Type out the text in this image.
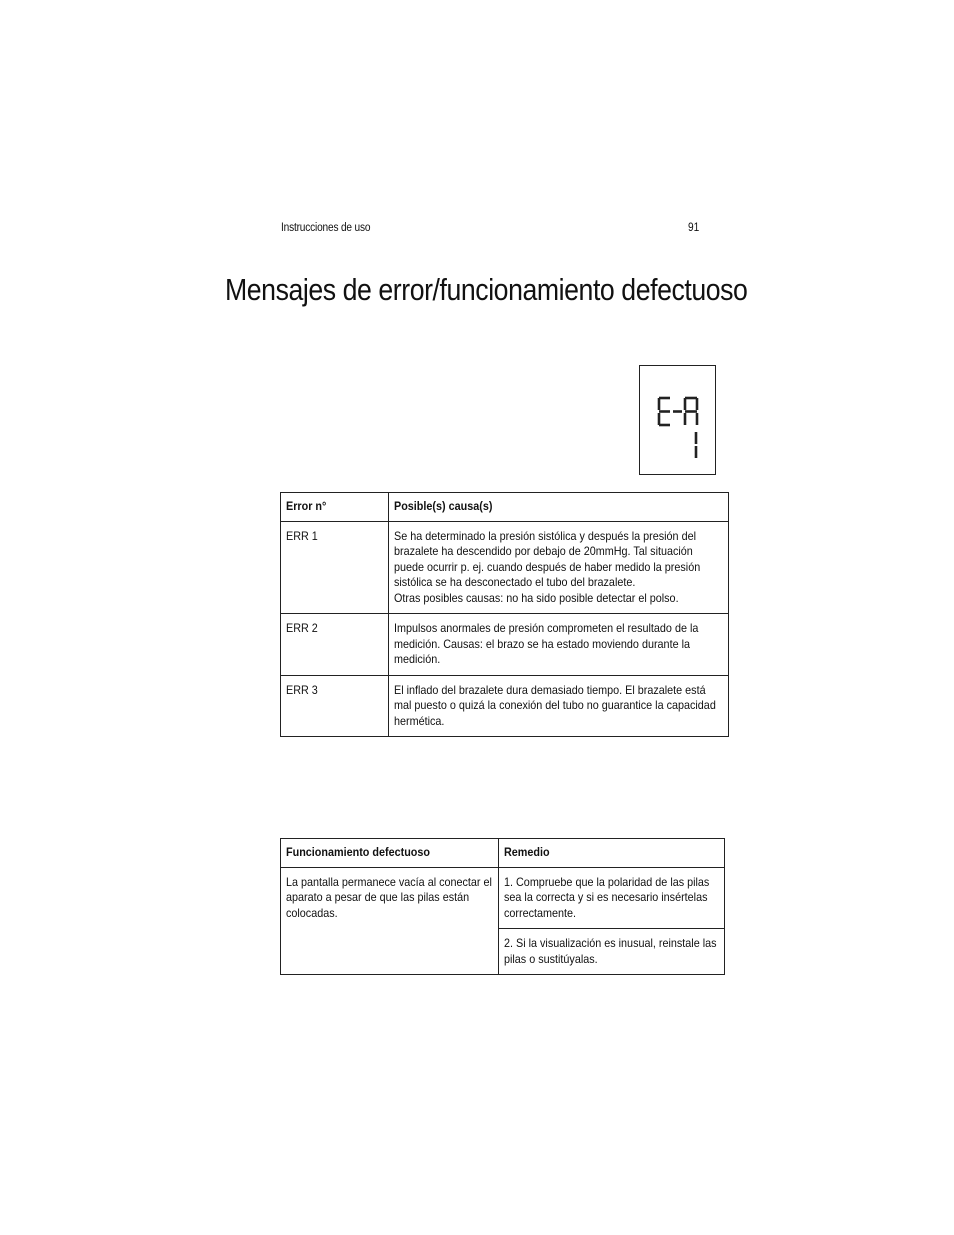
Instrucciones de uso	91
Mensajes de error/funcionamiento defectuoso
Error n°	Posible(s) causa(s)

ERR 1	Se ha determinado la presión sistólica y después la presión del brazalete ha descendido por debajo de 20mmHg. Tal situación puede ocurrir p. ej. cuando después de haber medido la presión sistólica se ha desconectado el tubo del brazalete.
Otras posibles causas: no ha sido posible detectar el polso.

ERR 2	Impulsos anormales de presión comprometen el resultado de la medición. Causas: el brazo se ha estado moviendo durante la medición.

ERR 3	El inflado del brazalete dura demasiado tiempo. El brazalete está mal puesto o quizá la conexión del tubo no guarantice la capacidad hermética.
Funcionamiento defectuoso	Remedio

La pantalla permanece vacía al conectar el aparato a pesar de que las pilas están colocadas.	1. Compruebe que la polaridad de las pilas sea la correcta y si es necesario insértelas correctamente.

	2. Si la visualización es inusual, reinstale las pilas o sustitúyalas.
